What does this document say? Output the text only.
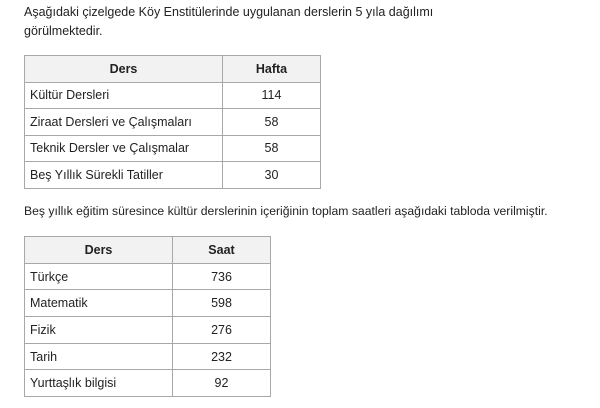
Aşağıdaki çizelgede Köy Enstitülerinde uygulanan derslerin 5 yıla dağılımı

görülmektedir.

Ders	Hafta
Kültür Dersleri	114
Ziraat Dersleri ve Çalışmaları	58
Teknik Dersler ve Çalışmalar	58
Beş Yıllık Sürekli Tatiller	30

Beş yıllık eğitim süresince kültür derslerinin içeriğinin toplam saatleri aşağıdaki tabloda verilmiştir.

Ders	Saat
Türkçe	736
Matematik	598
Fizik	276
Tarih	232
Yurttaşlık bilgisi	92
